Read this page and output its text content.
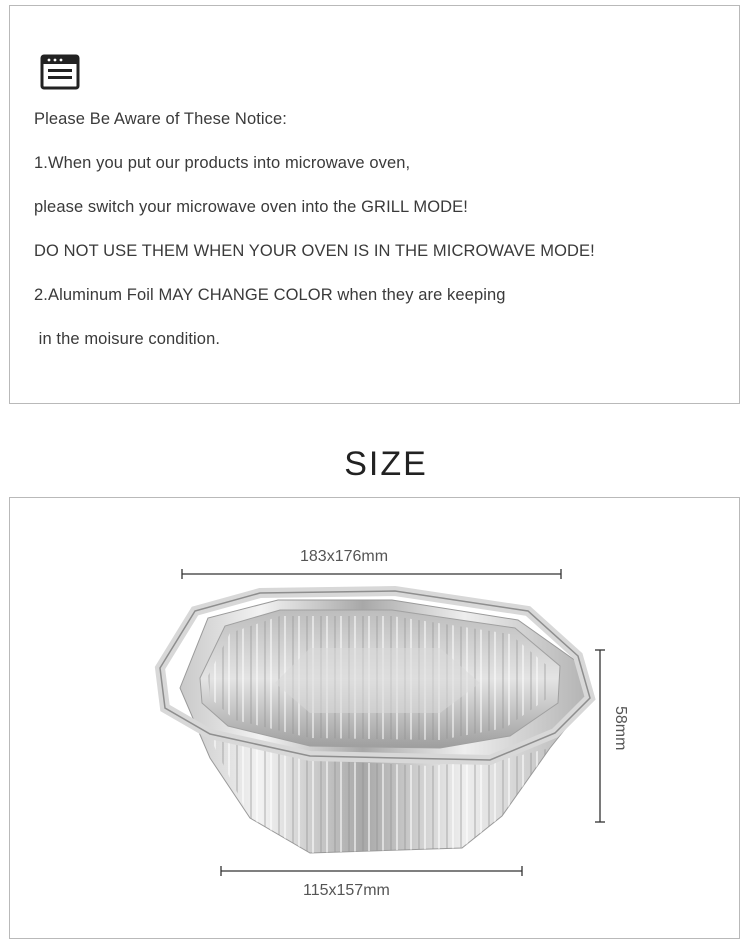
Please Be Aware of These Notice:
1.When you put our products into microwave oven,
please switch your microwave oven into the GRILL MODE!
DO NOT USE THEM WHEN YOUR OVEN IS IN THE MICROWAVE MODE!
2.Aluminum Foil MAY CHANGE COLOR when they are keeping
in the moisure condition.
SIZE
183x176mm
115x157mm
58mm
